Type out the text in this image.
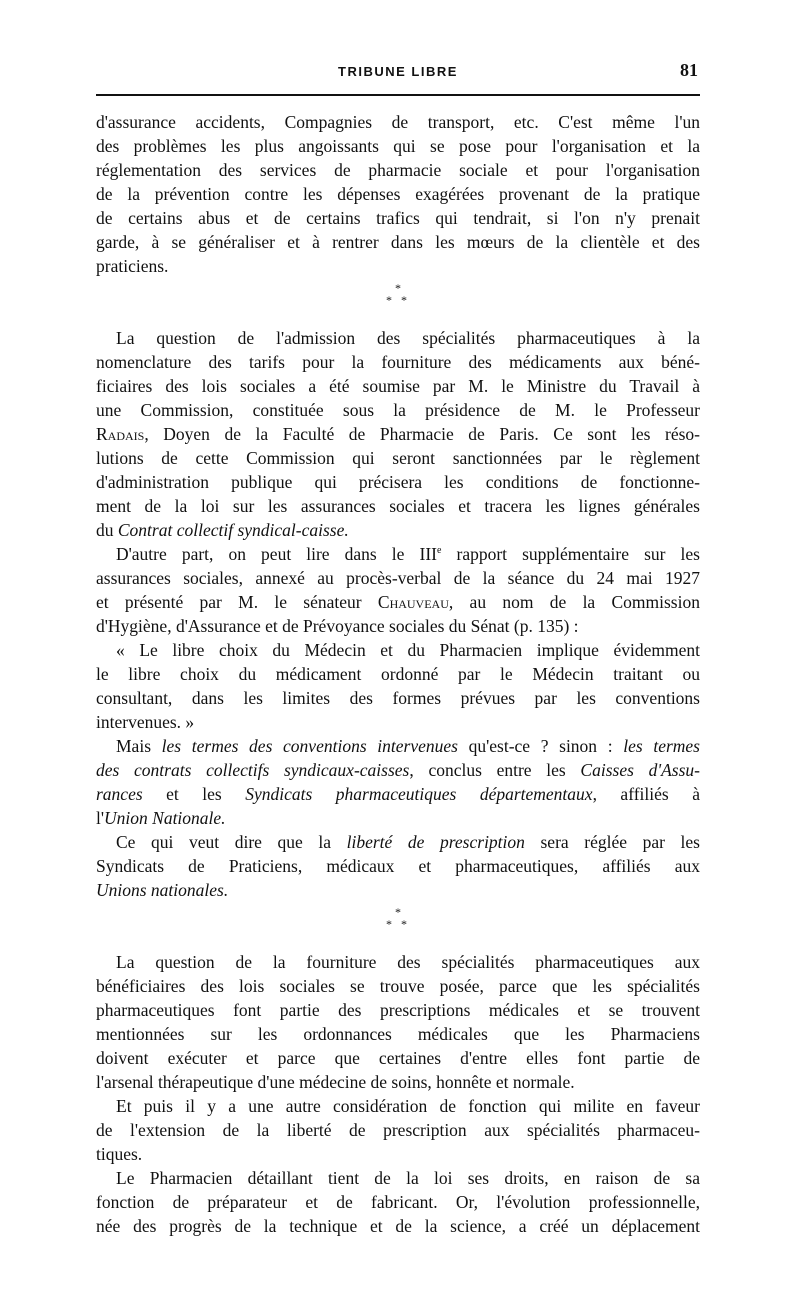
TRIBUNE LIBRE	81
d'assurance accidents, Compagnies de transport, etc. C'est même l'un
des problèmes les plus angoissants qui se pose pour l'organisation et la
réglementation des services de pharmacie sociale et pour l'organisation
de la prévention contre les dépenses exagérées provenant de la pratique
de certains abus et de certains trafics qui tendrait, si l'on n'y prenait
garde, à se généraliser et à rentrer dans les mœurs de la clientèle et des
praticiens.
*
* *
La question de l'admission des spécialités pharmaceutiques à la
nomenclature des tarifs pour la fourniture des médicaments aux béné-
ficiaires des lois sociales a été soumise par M. le Ministre du Travail à
une Commission, constituée sous la présidence de M. le Professeur
Radais, Doyen de la Faculté de Pharmacie de Paris. Ce sont les réso-
lutions de cette Commission qui seront sanctionnées par le règlement
d'administration publique qui précisera les conditions de fonctionne-
ment de la loi sur les assurances sociales et tracera les lignes générales
du Contrat collectif syndical-caisse.
D'autre part, on peut lire dans le IIIe rapport supplémentaire sur les
assurances sociales, annexé au procès-verbal de la séance du 24 mai 1927
et présenté par M. le sénateur Chauveau, au nom de la Commission
d'Hygiène, d'Assurance et de Prévoyance sociales du Sénat (p. 135) :
« Le libre choix du Médecin et du Pharmacien implique évidemment
le libre choix du médicament ordonné par le Médecin traitant ou
consultant, dans les limites des formes prévues par les conventions
intervenues. »
Mais les termes des conventions intervenues qu'est-ce ? sinon : les termes
des contrats collectifs syndicaux-caisses, conclus entre les Caisses d'Assu-
rances et les Syndicats pharmaceutiques départementaux, affiliés à
l'Union Nationale.
Ce qui veut dire que la liberté de prescription sera réglée par les
Syndicats de Praticiens, médicaux et pharmaceutiques, affiliés aux
Unions nationales.
*
* *
La question de la fourniture des spécialités pharmaceutiques aux
bénéficiaires des lois sociales se trouve posée, parce que les spécialités
pharmaceutiques font partie des prescriptions médicales et se trouvent
mentionnées sur les ordonnances médicales que les Pharmaciens
doivent exécuter et parce que certaines d'entre elles font partie de
l'arsenal thérapeutique d'une médecine de soins, honnête et normale.
Et puis il y a une autre considération de fonction qui milite en faveur
de l'extension de la liberté de prescription aux spécialités pharmaceu-
tiques.
Le Pharmacien détaillant tient de la loi ses droits, en raison de sa
fonction de préparateur et de fabricant. Or, l'évolution professionnelle,
née des progrès de la technique et de la science, a créé un déplacement
